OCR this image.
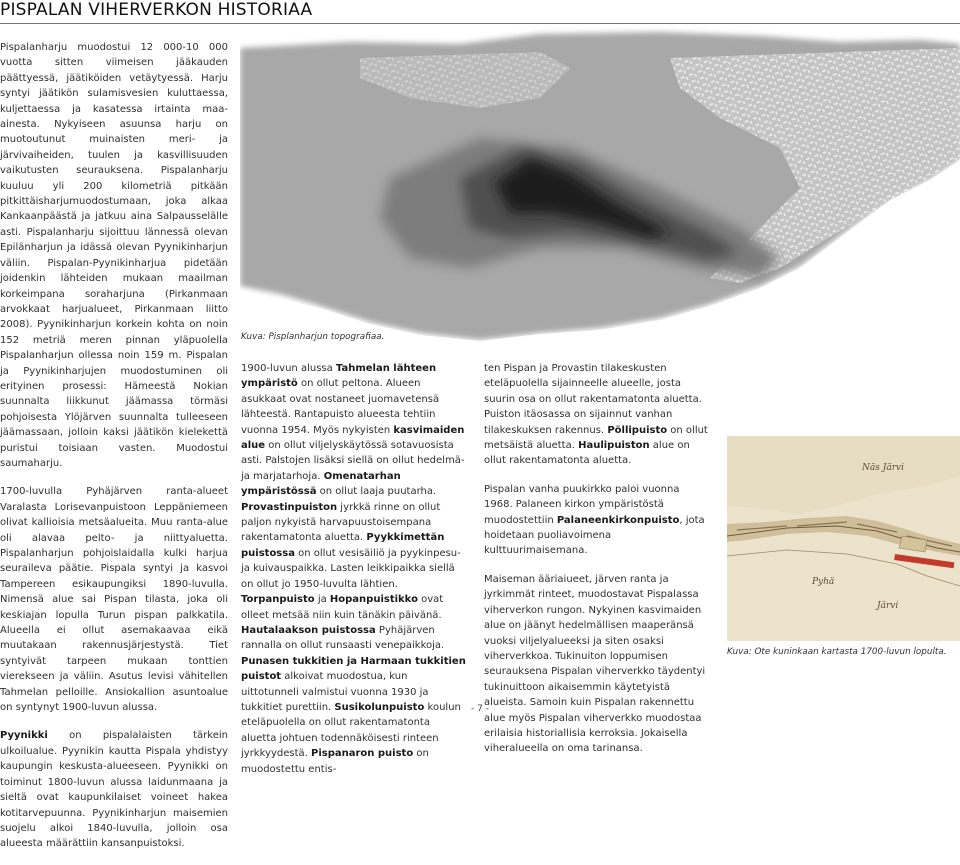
PISPALAN VIHERVERKON HISTORIAA

Pispalanharju muodostui 12 000-10 000 vuotta sitten viimeisen jääkauden päättyessä, jäätiköiden vetäytyessä. Harju syntyi jäätikön sulamisvesien kuluttaessa, kuljettaessa ja kasatessa irtainta maa-ainesta. Nykyiseen asuunsa harju on muotoutunut muinaisten meri- ja järvivaiheiden, tuulen ja kasvillisuuden vaikutusten seurauksena. Pispalanharju kuuluu yli 200 kilometriä pitkään pitkittäisharjumuodostumaan, joka alkaa Kankaanpäästä ja jatkuu aina Salpausselälle asti. Pispalanharju sijoittuu lännessä olevan Epilänharjun ja idässä olevan Pyynikinharjun väliin. Pispalan-Pyynikinharjua pidetään joidenkin lähteiden mukaan maailman korkeimpana soraharjuna (Pirkanmaan arvokkaat harjualueet, Pirkanmaan liitto 2008). Pyynikinharjun korkein kohta on noin 152 metriä meren pinnan yläpuolella Pispalanharjun ollessa noin 159 m. Pispalan ja Pyynikinharjujen muodostuminen oli erityinen prosessi: Hämeestä Nokian suunnalta liikkunut jäämassa törmäsi pohjoisesta Ylöjärven suunnalta tulleeseen jäämassaan, jolloin kaksi jäätikön kielekettä puristui toisiaan vasten. Muodostui saumaharju.

1700-luvulla Pyhäjärven ranta-alueet Varalasta Lorisevanpuistoon Leppäniemeen olivat kallioisia metsäalueita. Muu ranta-alue oli alavaa pelto- ja niittyaluetta. Pispalanharjun pohjoislaidalla kulki harjua seuraileva päätie. Pispala syntyi ja kasvoi Tampereen esikaupungiksi 1890-luvulla. Nimensä alue sai Pispan tilasta, joka oli keskiajan lopulla Turun pispan palkkatila. Alueella ei ollut asemakaavaa eikä muutakaan rakennusjärjestystä. Tiet syntyivät tarpeen mukaan tonttien vierekseen ja väliin. Asutus levisi vähitellen Tahmelan pelloille. Ansiokallion asuntoalue on syntynyt 1900-luvun alussa.

Pyynikki on pispalalaisten tärkein ulkoilualue. Pyynikin kautta Pispala yhdistyy kaupungin keskusta-alueeseen. Pyynikki on toiminut 1800-luvun alussa laidunmaana ja sieltä ovat kaupunkilaiset voineet hakea kotitarvepuunna. Pyynikinharjun maisemien suojelu alkoi 1840-luvulla, jolloin osa alueesta määrättiin kansanpuistoksi.

Kuva: Pisplanharjun topografiaa.

1900-luvun alussa Tahmelan lähteen ympäristö on ollut peltona. Alueen asukkaat ovat nostaneet juomavetensä lähteestä. Rantapuisto alueesta tehtiin vuonna 1954. Myös nykyisten kasvimaiden alue on ollut viljelyskäytössä sotavuosista asti. Palstojen lisäksi siellä on ollut hedelmä- ja marjatarhoja. Omenatarhan ympäristössä on ollut laaja puutarha. Provastinpuiston jyrkkä rinne on ollut paljon nykyistä harvapuustoisempana rakentamatonta aluetta. Pyykkimettän puistossa on ollut vesisäiliö ja pyykinpesu- ja kuivauspaikka. Lasten leikkipaikka siellä on ollut jo 1950-luvulta lähtien. Torpanpuisto ja Hopanpuistikko ovat olleet metsää niin kuin tänäkin päivänä. Hautalaakson puistossa Pyhäjärven rannalla on ollut runsaasti venepaikkoja. Punasen tukkitien ja Harmaan tukkitien puistot alkoivat muodostua, kun uittotunneli valmistui vuonna 1930 ja tukkitiet purettiin. Susikolunpuisto koulun eteläpuolella on ollut rakentamatonta aluetta johtuen todennäköisesti rinteen jyrkkyydestä. Pispanaron puisto on muodostettu entis-

ten Pispan ja Provastin tilakeskusten eteläpuolella sijainneelle alueelle, josta suurin osa on ollut rakentamatonta aluetta. Puiston itäosassa on sijainnut vanhan tilakeskuksen rakennus. Pöllipuisto on ollut metsäistä aluetta. Haulipuiston alue on ollut rakentamatonta aluetta.

Pispalan vanha puukirkko paloi vuonna 1968. Palaneen kirkon ympäristöstä muodostettiin Palaneenkirkonpuisto, jota hoidetaan puoliavoimena kulttuurimaisemana.

Maiseman ääriaiueet, järven ranta ja jyrkimmät rinteet, muodostavat Pispalassa viherverkon rungon. Nykyinen kasvimaiden alue on jäänyt hedelmällisen maaperänsä vuoksi viljelyalueeksi ja siten osaksi viherverkkoa. Tukinuiton loppumisen seurauksena Pispalan viherverkko täydentyi tukinuittoon aikaisemmin käytetyistä alueista. Samoin kuin Pispalan rakennettu alue myös Pispalan viherverkko muodostaa erilaisia historiallisia kerroksia. Jokaisella viheralueella on oma tarinansa.

Näs Järvi
Pyhä
Järvi
Kuva: Ote kuninkaan kartasta 1700-luvun lopulta.
- 7 -
